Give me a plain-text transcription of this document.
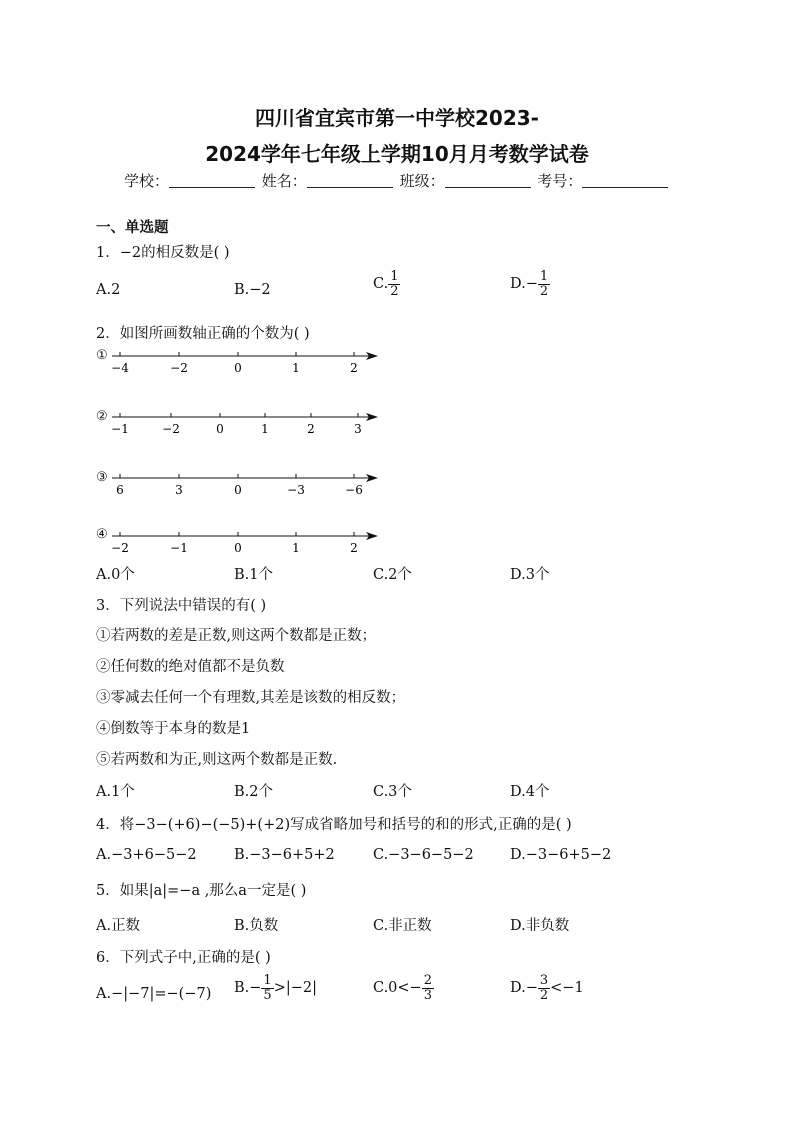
四川省宜宾市第一中学校2023-
2024学年七年级上学期10月月考数学试卷
学校：	姓名：	班级：	考号：
一、单选题
1．−2的相反数是( )
A.2	B.−2	C. $\frac{1}{2}$	$D.- \frac{1}{2}$
2．如图所画数轴正确的个数为( )
①
−4	−2	0	1	2
②
−1	−2	0	1	2	3
③
6	3	0	−3	−6
④
−2	−1	0	1	2
A.0个	B.1个	C.2个	D.3个
3．下列说法中错误的有( )
①若两数的差是正数,则这两个数都是正数；
②任何数的绝对值都不是负数
③零减去任何一个有理数,其差是该数的相反数；
④倒数等于本身的数是1
⑤若两数和为正,则这两个数都是正数.
A.1个	B.2个	C.3个	D.4个
4．将−3−(+6)−(−5)+(+2)写成省略加号和括号的和的形式,正确的是( )
A.−3+6−5−2	B.−3−6+5+2	C.−3−6−5−2	D.−3−6+5−2
5．如果|a|=−a ,那么a一定是( )
A.正数	B.负数	C.非正数	D.非负数
6．下列式子中,正确的是( )
A.−|−7|=−(−7) $B.- \frac{1}{5} >|-2|$	$C.0<- \frac{2}{3}$	$D.- \frac{3}{2} <-1$
